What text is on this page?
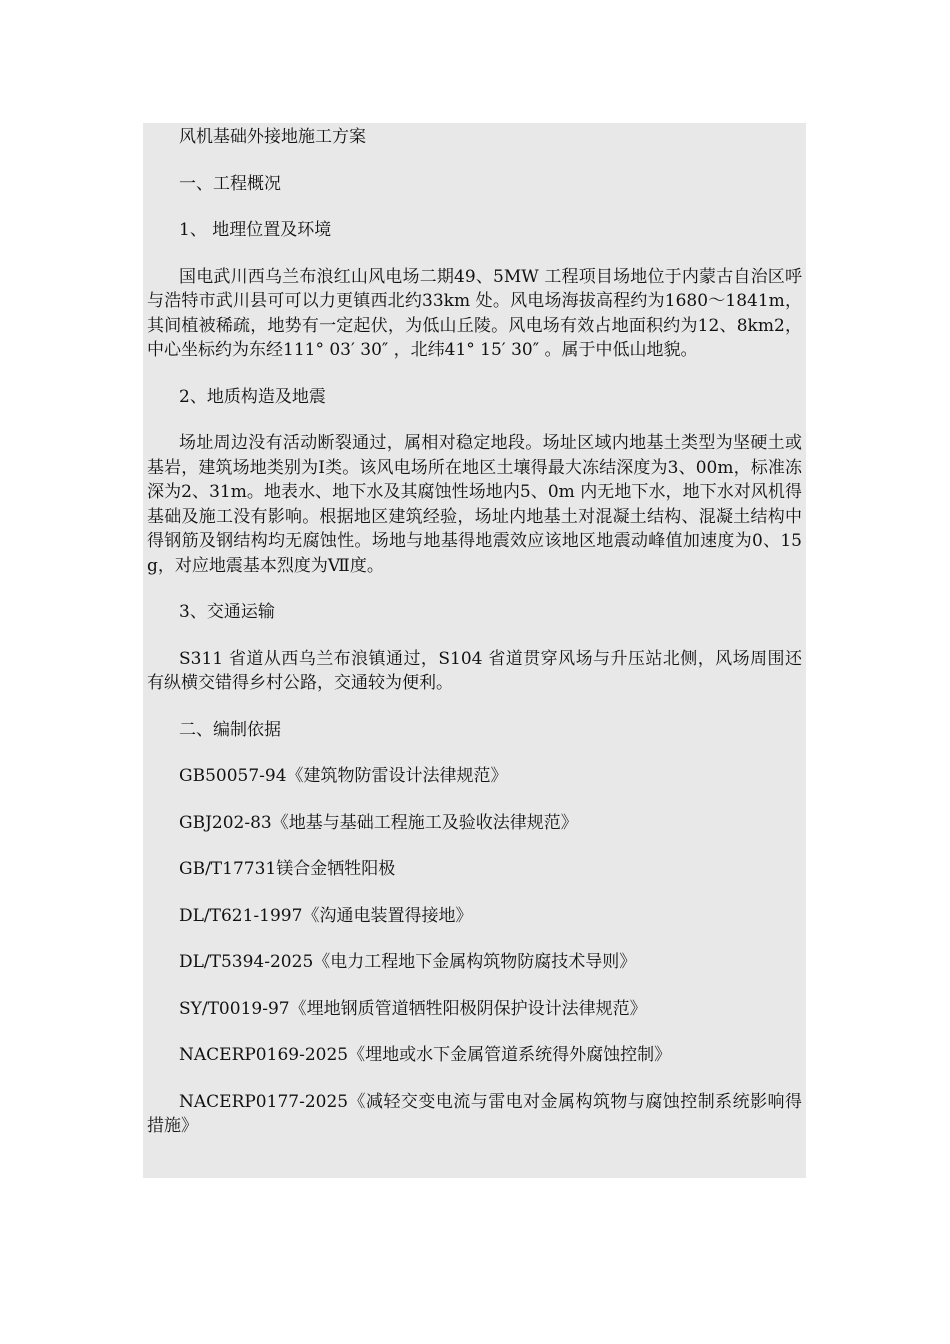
风机基础外接地施工方案

一、工程概况

1、 地理位置及环境

国电武川西乌兰布浪红山风电场二期49、5MW 工程项目场地位于内蒙古自治区呼与浩特市武川县可可以力更镇西北约33km 处。风电场海拔高程约为1680～1841m，其间植被稀疏，地势有一定起伏，为低山丘陵。风电场有效占地面积约为12、8km2，中心坐标约为东经111° 03′ 30″ ，北纬41° 15′ 30″ 。属于中低山地貌。

2、地质构造及地震

场址周边没有活动断裂通过，属相对稳定地段。场址区域内地基土类型为坚硬土或基岩，建筑场地类别为Ⅰ类。该风电场所在地区土壤得最大冻结深度为3、00m，标准冻深为2、31m。地表水、地下水及其腐蚀性场地内5、0m 内无地下水，地下水对风机得基础及施工没有影响。根据地区建筑经验，场址内地基土对混凝土结构、混凝土结构中得钢筋及钢结构均无腐蚀性。场地与地基得地震效应该地区地震动峰值加速度为0、15g，对应地震基本烈度为Ⅶ度。

3、交通运输

S311 省道从西乌兰布浪镇通过，S104 省道贯穿风场与升压站北侧，风场周围还有纵横交错得乡村公路，交通较为便利。

二、编制依据

GB50057-94《建筑物防雷设计法律规范》

GBJ202-83《地基与基础工程施工及验收法律规范》

GB/T17731镁合金牺牲阳极

DL/T621-1997《沟通电装置得接地》

DL/T5394-2025《电力工程地下金属构筑物防腐技术导则》

SY/T0019-97《埋地钢质管道牺牲阳极阴保护设计法律规范》

NACERP0169-2025《埋地或水下金属管道系统得外腐蚀控制》

NACERP0177-2025《减轻交变电流与雷电对金属构筑物与腐蚀控制系统影响得措施》
